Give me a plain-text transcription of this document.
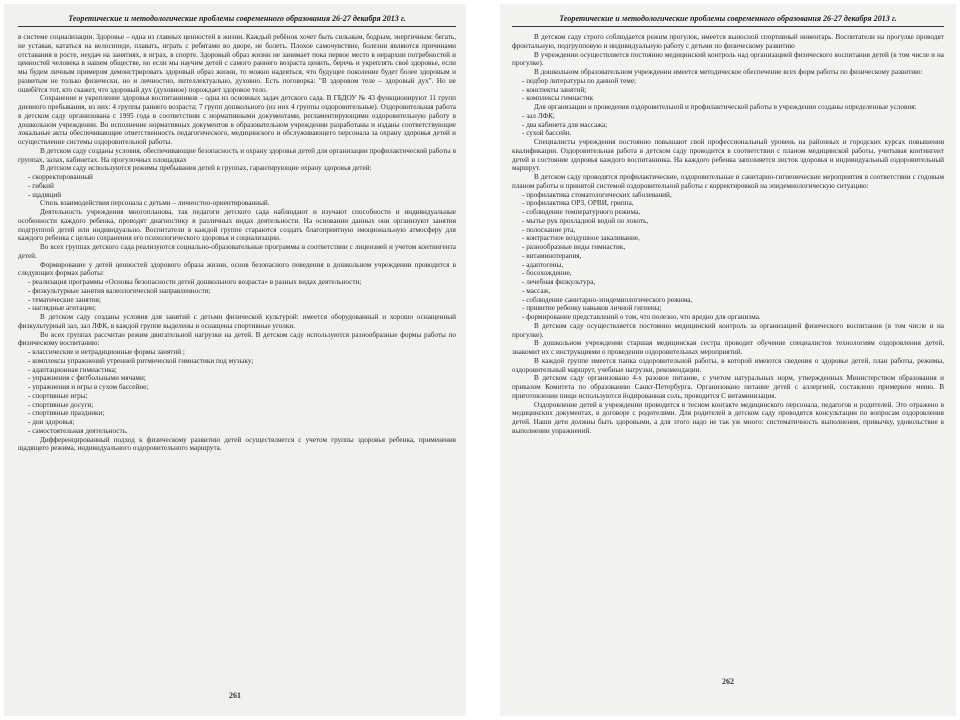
Теоретические и методологические проблемы современного образования 26-27 декабря 2013 г.

в системе социализации. Здоровье – одна из главных ценностей в жизни. Каждый ребёнок хочет быть сильным, бодрым, энергичным: бегать, не уставая, кататься на велосипеде, плавать, играть с ребятами во дворе, не болеть. Плохое самочувствие, болезни являются причинами отставания в росте, неудач на занятиях, в играх, в спорте. Здоровый образ жизни не занимает пока первое место в иерархии потребностей и ценностей человека в нашем обществе, но если мы научим детей с самого раннего возраста ценить, беречь и укреплять своё здоровье, если мы будем личным примером демонстрировать здоровый образ жизни, то можно надеяться, что будущее поколение будет более здоровым и развитым не только физически, но и личностно, интеллектуально, духовно. Есть поговорка: "В здоровом теле – здоровый дух". Но не ошибётся тот, кто скажет, что здоровый дух (духовное) порождает здоровое тело.

Сохранение и укрепление здоровья воспитанников – одна из основных задач детского сада. В ГБДОУ № 43 функционируют 11 групп дневного пребывания, из них: 4 группы раннего возраста; 7 групп дошкольного (из них 4 группы оздоровительные). Оздоровительная работа в детском саду организована с 1995 года в соответствии с нормативными документами, регламентирующими оздоровительную работу в дошкольном учреждении. Во исполнение нормативных документов в образовательном учреждении разработаны и изданы соответствующие локальные акты обеспечивающие ответственность педагогического, медицинского и обслуживающего персонала за охрану здоровья детей и осуществление системы оздоровительной работы.

В детском саду созданы условия, обеспечивающие безопасность и охрану здоровья детей для организации профилактической работы в группах, залах, кабинетах. На прогулочных площадках

В детском саду используются режимы пребывания детей в группах, гарантирующие охрану здоровья детей:

- скорректированный

- гибкий

- щадящий

Стиль взаимодействия персонала с детьми – личностно-ориентированный.

Деятельность учреждения многопланова, так педагоги детского сада наблюдают и изучают способности и индивидуальные особенности каждого ребенка, проводят диагностику в различных видах деятельности. На основании данных они организуют занятия подгруппой детей или индивидуально. Воспитатели в каждой группе стараются создать благоприятную эмоциональную атмосферу для каждого ребенка с целью сохранения его психологического здоровья и социализации.

Во всех группах детского сада реализуются социально-образовательные программы в соответствии с лицензией и учетом контингента детей.

Формирование у детей ценностей здорового образа жизни, основ безопасного поведения в дошкольном учреждении проводится в следующих формах работы:

- реализация программы «Основы безопасности детей дошкольного возраста» в разных видах деятельности;

- физкультурные занятия валеологической направленности;

- тематические занятия;

- наглядные агитации;

В детском саду созданы условия для занятий с детьми физической культурой: имеется оборудованный и хорошо оснащенный физкультурный зал, зал ЛФК, в каждой группе выделены и оснащены спортивные уголки.

Во всех группах рассчитан режим двигательной нагрузки на детей. В детском саду используются разнообразные формы работы по физическому воспитанию:

- классические и нетрадиционные формы занятий ;

- комплексы упражнений утренней ритмической гимнастики под музыку;

- адаптационная гимнастика;

- упражнения с фитбольными мячами;

- упражнения и игры в сухом бассейне;

- спортивные игры;

- спортивные досуги;

- спортивные праздники;

- дни здоровья;

- самостоятельная деятельность.

Дифференцированный подход к физическому развитию детей осуществляется с учетом группы здоровья ребенка, применения щадящего режима, индивидуального оздоровительного маршрута.

261
Теоретические и методологические проблемы современного образования 26-27 декабря 2013 г.

В детском саду строго соблюдается режим прогулок, имеется выносной спортивный инвентарь. Воспитатели на прогулке проводят фронтальную, подгрупповую и индивидуальную работу с детьми по физическому развитию

В учреждении осуществляется постоянно медицинский контроль над организацией физического воспитания детей (в том числе и на прогулке).

В дошкольном образовательном учреждении имеется методическое обеспечение всех форм работы по физическому развитию:

- подбор литературы по данной теме;

- конспекты занятий;

- комплексы гимнастик

Для организации и проведения оздоровительной и профилактической работы в учреждении созданы определенные условия:

- зал ЛФК;

- два кабинета для массажа;

- сухой бассейн.

Специалисты учреждения постоянно повышают свой профессиональный уровень на районных и городских курсах повышения квалификации. Оздоровительная работа в детском саду проводится в соответствии с планом медицинской работы, учитывая контингент детей и состояние здоровья каждого воспитанника. На каждого ребенка заполняется листок здоровья и индивидуальный оздоровительный маршрут.

В детском саду проводятся профилактические, оздоровительные и санитарно-гигиенические мероприятия в соответствии с годовым планом работы и принятой системой оздоровительной работы с корректировкой на эпидемиологическую ситуацию:

- профилактика стоматологических заболеваний,

- профилактика ОРЗ, ОРВИ, гриппа,

- соблюдение температурного режима,

- мытье рук прохладной водой по локоть,

- полоскание рта,

- контрастное воздушное закаливание,

- разнообразные виды гимнастик,

- витаминотерапия,

- адаптогены,

- босохождение,

- лечебная физкультура,

- массаж,

- соблюдение санитарно-эпидемиологического режима,

- привитие ребенку навыков личной гигиены;

- формирование представлений о том, что полезно, что вредно для организма.

В детском саду осуществляется постоянно медицинский контроль за организацией физического воспитания (в том числе и на прогулке).

В дошкольном учреждении старшая медицинская сестра проводит обучение специалистов технологиям оздоровления детей, знакомит их с инструкциями о проведении оздоровительных мероприятий.

В каждой группе имеется папка оздоровительной работы, в которой имеются сведения о здоровье детей, план работы, режимы, оздоровительный маршрут, учебные нагрузки, рекомендации.

В детском саду организовано 4-х разовое питание, с учетом натуральных норм, утвержденных Министерством образования и приказом Комитета по образованию Санкт-Петербурга. Организовано питание детей с аллергией, составлено примерное меню. В приготовлении пищи используются йодированная соль, проводится С витаминизация.

Оздоровление детей в учреждении проводится в тесном контакте медицинского персонала, педагогов и родителей. Это отражено в медицинских документах, в договоре с родителями. Для родителей в детском саду проводятся консультации по вопросам оздоровления детей. Наши дети должны быть здоровыми, а для этого надо не так уж много: систематичность выполнения, привычку, удовольствие в выполнении упражнений.

262
